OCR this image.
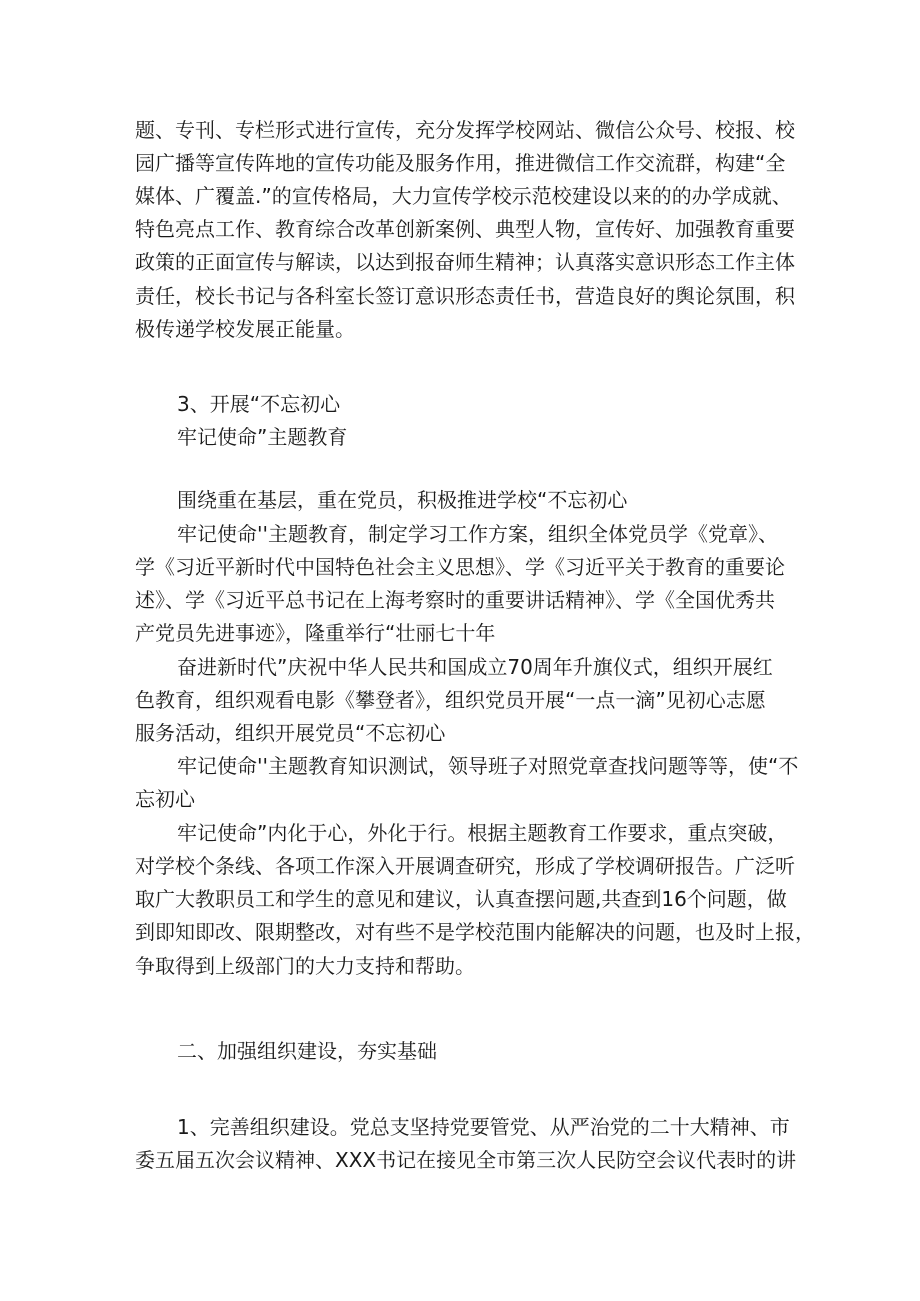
题、专刊、专栏形式进行宣传，充分发挥学校网站、微信公众号、校报、校
园广播等宣传阵地的宣传功能及服务作用，推进微信工作交流群，构建“全
媒体、广覆盖.”的宣传格局，大力宣传学校示范校建设以来的的办学成就、
特色亮点工作、教育综合改革创新案例、典型人物，宣传好、加强教育重要
政策的正面宣传与解读，以达到报奋师生精神；认真落实意识形态工作主体
责任，校长书记与各科室长签订意识形态责任书，营造良好的舆论氛围，积
极传递学校发展正能量。
3、开展“不忘初心
牢记使命”主题教育
围绕重在基层，重在党员，积极推进学校“不忘初心
牢记使命''主题教育，制定学习工作方案，组织全体党员学《党章》、
学《习近平新时代中国特色社会主义思想》、学《习近平关于教育的重要论
述》、学《习近平总书记在上海考察时的重要讲话精神》、学《全国优秀共
产党员先进事迹》，隆重举行“壮丽七十年
奋进新时代”庆祝中华人民共和国成立70周年升旗仪式，组织开展红
色教育，组织观看电影《攀登者》，组织党员开展“一点一滴”见初心志愿
服务活动，组织开展党员“不忘初心
牢记使命''主题教育知识测试，领导班子对照党章查找问题等等，使“不
忘初心
牢记使命”内化于心，外化于行。根据主题教育工作要求，重点突破，
对学校个条线、各项工作深入开展调查研究，形成了学校调研报告。广泛听
取广大教职员工和学生的意见和建议，认真查摆问题,共查到16个问题，做
到即知即改、限期整改，对有些不是学校范围内能解决的问题，也及时上报，
争取得到上级部门的大力支持和帮助。
二、加强组织建设，夯实基础
1、完善组织建设。党总支坚持党要管党、从严治党的二十大精神、市
委五届五次会议精神、XXX书记在接见全市第三次人民防空会议代表时的讲
